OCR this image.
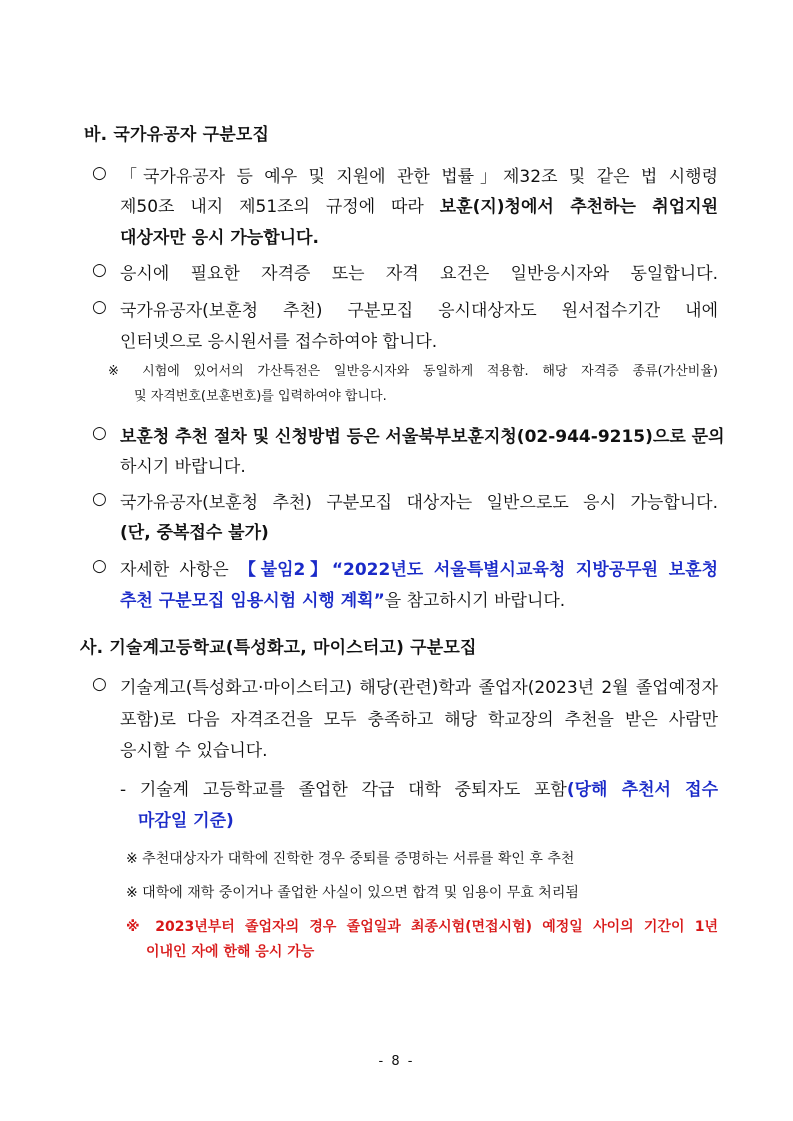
바. 국가유공자 구분모집
○ 「국가유공자 등 예우 및 지원에 관한 법률」제32조 및 같은 법 시행령
제50조 내지 제51조의 규정에 따라 보훈(지)청에서 추천하는 취업지원
대상자만 응시 가능합니다.
○ 응시에 필요한 자격증 또는 자격 요건은 일반응시자와 동일합니다.
○ 국가유공자(보훈청 추천) 구분모집 응시대상자도 원서접수기간 내에
인터넷으로 응시원서를 접수하여야 합니다.
※ 시험에 있어서의 가산특전은 일반응시자와 동일하게 적용함. 해당 자격증 종류(가산비율)
및 자격번호(보훈번호)를 입력하여야 합니다.
○ 보훈청 추천 절차 및 신청방법 등은 서울북부보훈지청(02-944-9215)으로 문의
하시기 바랍니다.
○ 국가유공자(보훈청 추천) 구분모집 대상자는 일반으로도 응시 가능합니다.
(단, 중복접수 불가)
○ 자세한 사항은 【붙임2】“2022년도 서울특별시교육청 지방공무원 보훈청
추천 구분모집 임용시험 시행 계획”을 참고하시기 바랍니다.
사. 기술계고등학교(특성화고, 마이스터고) 구분모집
○ 기술계고(특성화고·마이스터고) 해당(관련)학과 졸업자(2023년 2월 졸업예정자
포함)로 다음 자격조건을 모두 충족하고 해당 학교장의 추천을 받은 사람만
응시할 수 있습니다.
- 기술계 고등학교를 졸업한 각급 대학 중퇴자도 포함(당해 추천서 접수
마감일 기준)
※ 추천대상자가 대학에 진학한 경우 중퇴를 증명하는 서류를 확인 후 추천
※ 대학에 재학 중이거나 졸업한 사실이 있으면 합격 및 임용이 무효 처리됨
※ 2023년부터 졸업자의 경우 졸업일과 최종시험(면접시험) 예정일 사이의 기간이 1년
이내인 자에 한해 응시 가능
- 8 -
